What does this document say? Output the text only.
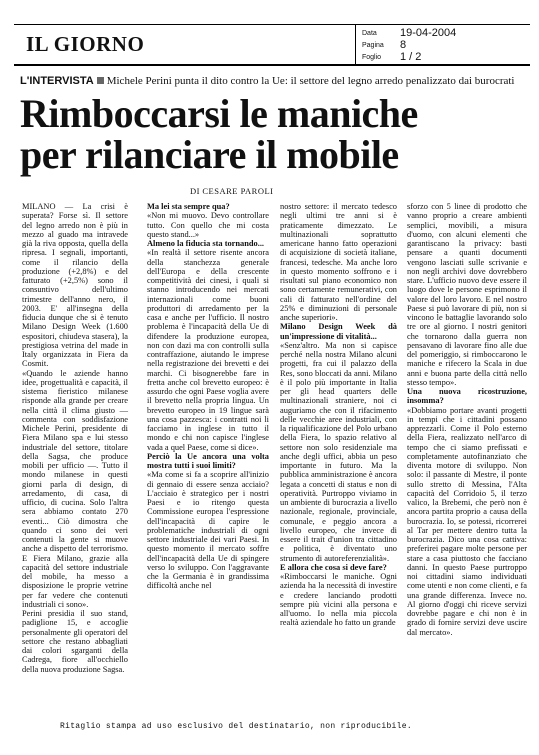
IL GIORNO	Data 19-04-2004
Pagina 8
Foglio 1 / 2
L'INTERVISTA Michele Perini punta il dito contro la Ue: il settore del legno arredo penalizzato dai burocrati
Rimboccarsi le maniche
per rilanciare il mobile
DI CESARE PAROLI

MILANO — La crisi è superata? Forse sì. Il settore del legno arredo non è più in mezzo al guado ma intravede già la riva opposta, quella della ripresa. I segnali, importanti, come il rilancio della produzione (+2,8%) e del fatturato (+2,5%) sono il consuntivo dell'ultimo trimestre dell'anno nero, il 2003. E' all'insegna della fiducia dunque che si è tenuto Milano Design Week (1.600 espositori, chiudeva stasera), la prestigiosa vetrina del made in Italy organizzata in Fiera da Cosmit.

«Quando le aziende hanno idee, progettualità e capacità, il sistema fieristico milanese risponde alla grande per creare nella città il clima giusto — commenta con soddisfazione Michele Perini, presidente di Fiera Milano spa e lui stesso industriale del settore, titolare della Sagsa, che produce mobili per ufficio —. Tutto il mondo milanese in questi giorni parla di design, di arredamento, di casa, di ufficio, di cucina. Solo l'altra sera abbiamo contato 270 eventi... Ciò dimostra che quando ci sono dei veri contenuti la gente si muove anche a dispetto del terrorismo. E Fiera Milano, grazie alla capacità del settore industriale del mobile, ha messo a disposizione le proprie vetrine per far vedere che contenuti industriali ci sono».

Perini presidia il suo stand, padiglione 15, e accoglie personalmente gli operatori del settore che restano abbagliati dai colori sgarganti della Cadrega, fiore all'occhiello della nuova produzione Sagsa.

Ma lei sta sempre qua?

«Non mi muovo. Devo controllare tutto. Con quello che mi costa questo stand...»

Almeno la fiducia sta tornando...

«In realtà il settore risente ancora della stanchezza generale dell'Europa e della crescente competitività dei cinesi, i quali si stanno introducendo nei mercati internazionali come buoni produttori di arredamento per la casa e anche per l'ufficio. Il nostro problema è l'incapacità della Ue di difendere la produzione europea, non con dazi ma con controlli sulla contraffazione, aiutando le imprese nella registrazione dei brevetti e dei marchi. Ci bisognerebbe fare in fretta anche col brevetto europeo: è assurdo che ogni Paese voglia avere il brevetto nella propria lingua. Un brevetto europeo in 19 lingue sarà una cosa pazzesca: i contratti noi li facciamo in inglese in tutto il mondo e chi non capisce l'inglese vada a quel Paese, come si dice».

Perciò la Ue ancora una volta mostra tutti i suoi limiti?

«Ma come si fa a scoprire all'inizio di gennaio di essere senza acciaio? L'acciaio è strategico per i nostri Paesi e io ritengo questa Commissione europea l'espressione dell'incapacità di capire le problematiche industriali di ogni settore industriale dei vari Paesi. In questo momento il mercato soffre dell'incapacità della Ue di spingere verso lo sviluppo. Con l'aggravante che la Germania è in grandissima difficoltà anche nel

nostro settore: il mercato tedesco negli ultimi tre anni si è praticamente dimezzato. Le multinazionali soprattutto americane hanno fatto operazioni di acquisizione di società italiane, francesi, tedesche. Ma anche loro in questo momento soffrono e i risultati sul piano economico non sono certamente remunerativi, con cali di fatturato nell'ordine del 25% e diminuzioni di personale anche superiori».

Milano Design Week dà un'impressione di vitalità...

«Senz'altro. Ma non si capisce perché nella nostra Milano alcuni progetti, fra cui il palazzo della Res, sono bloccati da anni. Milano è il polo più importante in Italia per gli head quarters delle multinazionali straniere, noi ci auguriamo che con il rifacimento delle vecchie aree industriali, con la riqualificazione del Polo urbano della Fiera, lo spazio relativo al settore non solo residenziale ma anche degli uffici, abbia un peso importante in futuro. Ma la pubblica amministrazione è ancora legata a concetti di status e non di operatività. Purtroppo viviamo in un ambiente di burocrazia a livello nazionale, regionale, provinciale, comunale, e peggio ancora a livello europeo, che invece di essere il trait d'union tra cittadino e politica, è diventato uno strumento di autoreferenzialità».

E allora che cosa si deve fare?

«Rimboccarsi le maniche. Ogni azienda ha la necessità di investire e credere lanciando prodotti sempre più vicini alla persona e all'uomo. Io nella mia piccola realtà aziendale ho fatto un grande

sforzo con 5 linee di prodotto che vanno proprio a creare ambienti semplici, movibili, a misura d'uomo, con alcuni elementi che garantiscano la privacy: basti pensare a quanti documenti vengono lasciati sulle scrivanie e non negli archivi dove dovrebbero stare. L'ufficio nuovo deve essere il luogo dove le persone esprimono il valore del loro lavoro. E nel nostro Paese si può lavorare di più, non si vincono le battaglie lavorando solo tre ore al giorno. I nostri genitori che tornarono dalla guerra non pensavano di lavorare fino alle due del pomeriggio, si rimboccarono le maniche e rifecero la Scala in due anni e buona parte della città nello stesso tempo».

Una nuova ricostruzione, insomma?

«Dobbiamo portare avanti progetti in tempi che i cittadini possano apprezzarli. Come il Polo esterno della Fiera, realizzato nell'arco di tempo che ci siamo prefissati e completamente autofinanziato che diventa motore di sviluppo. Non solo: il passante di Mestre, il ponte sullo stretto di Messina, l'Alta capacità del Corridoio 5, il terzo valico, la Brebemi, che però non è ancora partita proprio a causa della burocrazia. Io, se potessi, ricorrerei al Tar per mettere dentro tutta la burocrazia. Dico una cosa cattiva: preferirei pagare molte persone per stare a casa piuttosto che facciano danni. In questo Paese purtroppo noi cittadini siamo individuati come utenti e non come clienti, e fa una grande differenza. Invece no. Al giorno d'oggi chi riceve servizi dovrebbe pagare e chi non è in grado di fornire servizi deve uscire dal mercato».

Ritaglio stampa ad uso esclusivo del destinatario, non riproducibile.
